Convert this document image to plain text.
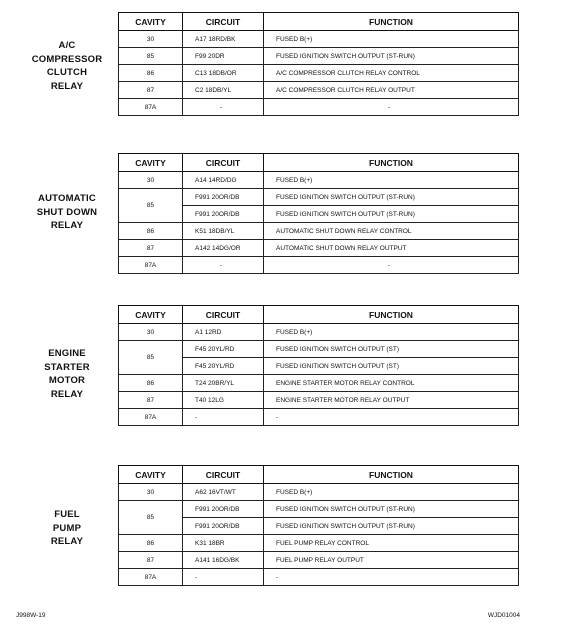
A/C
COMPRESSOR
CLUTCH
RELAY
CAVITY	CIRCUIT	FUNCTION
30	A17 18RD/BK	FUSED B(+)
85	F99 20DR	FUSED IGNITION SWITCH OUTPUT (ST-RUN)
86	C13 18DB/OR	A/C COMPRESSOR CLUTCH RELAY CONTROL
87	C2 18DB/YL	A/C COMPRESSOR CLUTCH RELAY OUTPUT
87A	-	-
AUTOMATIC
SHUT DOWN
RELAY
CAVITY	CIRCUIT	FUNCTION
30	A14 14RD/DG	FUSED B(+)
85	F991 20OR/DB	FUSED IGNITION SWITCH OUTPUT (ST-RUN)
	F991 20OR/DB	FUSED IGNITION SWITCH OUTPUT (ST-RUN)
86	K51 18DB/YL	AUTOMATIC SHUT DOWN RELAY CONTROL
87	A142 14DG/OR	AUTOMATIC SHUT DOWN RELAY OUTPUT
87A	-	-
ENGINE
STARTER
MOTOR
RELAY
CAVITY	CIRCUIT	FUNCTION
30	A1 12RD	FUSED B(+)
85	F45 20YL/RD	FUSED IGNITION SWITCH OUTPUT (ST)
	F45 20YL/RD	FUSED IGNITION SWITCH OUTPUT (ST)
86	T24 20BR/YL	ENGINE STARTER MOTOR RELAY CONTROL
87	T40 12LG	ENGINE STARTER MOTOR RELAY OUTPUT
87A	-	-
FUEL
PUMP
RELAY
CAVITY	CIRCUIT	FUNCTION
30	A62 16VT/WT	FUSED B(+)
85	F991 20OR/DB	FUSED IGNITION SWITCH OUTPUT (ST-RUN)
	F991 20OR/DB	FUSED IGNITION SWITCH OUTPUT (ST-RUN)
86	K31 18BR	FUEL PUMP RELAY CONTROL
87	A141 16DG/BK	FUEL PUMP RELAY OUTPUT
87A	-	-
J998W-19	WJD01004
